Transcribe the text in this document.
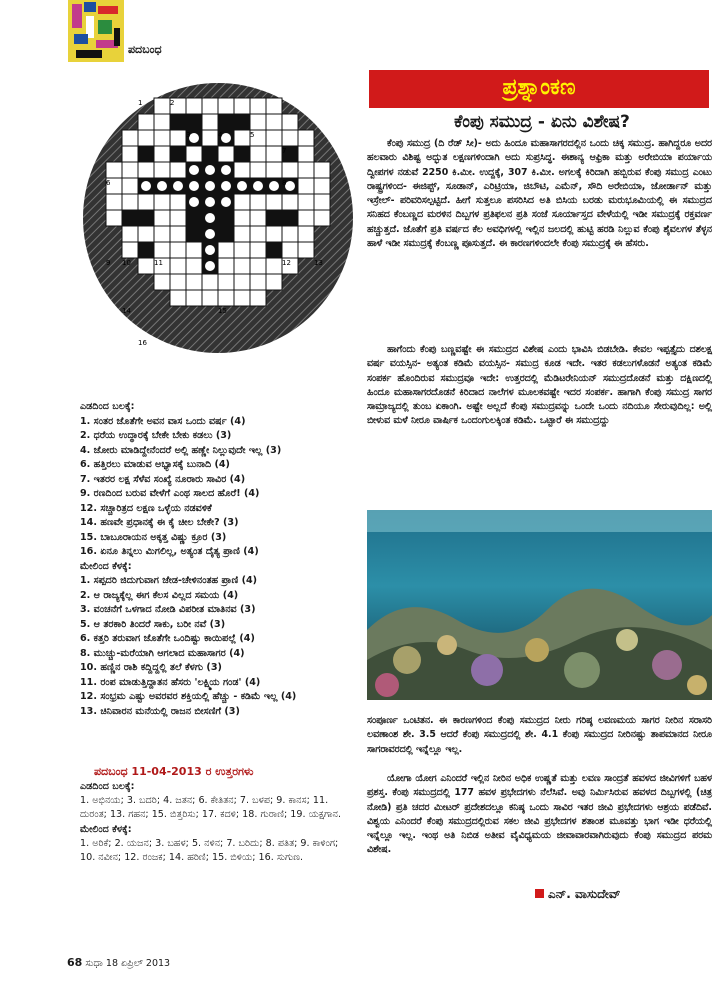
ಪದಬಂಧ
1	2
3	4	5
6
7
8
9 10	11	12	13
14	15
16
ಎಡದಿಂದ ಬಲಕ್ಕೆ:
1. ಸಂತರ ಜೊತೆಗೇ ಅವನ ವಾಸ ಒಂದು ವರ್ಷ (4)
2. ಧರೆಯ ಉದ್ಧಾರಕ್ಕೆ ಬೇಕೇ ಬೇಕು ಕಡಲು (3)
4. ಜೋರು ಮಾಡಿದ್ದೇನೆಂದರೆ ಅಲ್ಲಿ ಹಣ್ಣೇ ನಿಲ್ಲುವುದೇ ಇಲ್ಲ (3)
6. ಹತ್ತಿರಲು ಮಾಡುವ ಅಭ್ಯಾಸಕ್ಕೆ ಬುನಾದಿ (4)
7. ಇತರರ ಲಕ್ಷ ಸೆಳೆವ ಸಂಖ್ಯೆ ನೂರಾರು ಸಾವಿರ (4)
9. ರಣದಿಂದ ಬರುವ ವೇಳೆಗೆ ಎಂಥ ಸಾಲದ ಹೊರೆ! (4)
12. ಸಚ್ಚಾರಿತ್ರದ ಲಕ್ಷಣ ಒಳ್ಳೆಯ ನಡವಳಿಕೆ
14. ಹಣವೇ ಪ್ರಧಾನಕ್ಕೆ ಈ ಕೈ ಚೀಲ ಬೇಕೇ? (3)
15. ಬಾಬೂರಾಯನ ಅಕ್ಕತ್ತ ವಿಷ್ಣು ಕ್ರೂರ (3)
16. ಏನೂ ತಿನ್ನಲು ಮಿಗಲಿಲ್ಲ, ಅತ್ಯಂತ ದೈತ್ಯ ಪ್ರಾಣಿ (4)
ಮೇಲಿಂದ ಕೆಳಕ್ಕೆ:
1. ಸಪ್ಪದರಿ ಜಿದುಗುವಾಗ ಜೇಡ-ಚೇಳಿನಂತಹ ಪ್ರಾಣಿ (4)
2. ಆ ರಾಜ್ಯಕ್ಕೆಲ್ಲ ಈಗ ಕೆಲಸ ವಿಲ್ಲದ ಸಮಯ (4)
3. ವಂಚನೆಗೆ ಒಳಗಾದ ನೋಡಿ ವಿಪರೀತ ಮಾತಿನವ (3)
5. ಆ ತರಕಾರಿ ತಿಂದರೆ ಸಾಕು, ಬರೀ ನವೆ (3)
6. ಕತ್ತರಿ ತರುವಾಗ ಜೊತೆಗೇ ಒಂದಿಷ್ಟು ಕಾಯಿಪಲ್ಲೆ (4)
8. ಮುಚ್ಚು-ಮರೆಯಾಗಿ ಆಗಲಾದ ಮಹಾಸಾಗರ (4)
10. ಹಣ್ಣಿನ ರಾಶಿ ಕದ್ದಿದ್ದಲ್ಲಿ ತಲೆ ಕೆಳಗು (3)
11. ರಂಪ ಮಾಡುತ್ತಿದ್ದಾತನ ಹೆಸರು 'ಲಕ್ಷ್ಮಿಯ ಗಂಡ' (4)
12. ಸಂಭ್ರಮ ಎಷ್ಟು ಅವರವರ ಶಕ್ತಿಯಲ್ಲಿ ಹೆಚ್ಚು - ಕಡಿಮೆ ಇಲ್ಲ (4)
13. ಚಿನಿವಾರನ ಮನೆಯಲ್ಲಿ ರಾಜನ ಬೀಸಣಿಗೆ (3)
ಪದಬಂಧ 11-04-2013 ರ ಉತ್ತರಗಳು
ಎಡದಿಂದ ಬಲಕ್ಕೆ:
1. ಅಭಿನಯ; 3. ಬದರಿ; 4. ಜತನ; 6. ಕೇತಿತನ; 7. ಬಳಪ; 9. ಕಾನಸ; 11. ದುರಂತ; 13. ಗಹನ; 15. ಬಿತ್ತರಿಸು; 17. ಕದಳಿ; 18. ಗುರಾಣಿ; 19. ಯಕ್ಷಗಾನ.
ಮೇಲಿಂದ ಕೆಳಕ್ಕೆ:
1. ಅರಿಕೆ; 2. ಯಜನ; 3. ಬಹಳ; 5. ನಳಿನ; 7. ಬರಿದು; 8. ಪತಿತ; 9. ಕಾಳಿಂಗ; 10. ನವೀನ; 12. ರಂಜಕ; 14. ಹರಿಣಿ; 15. ಬಿಳಿಯ; 16. ಸುಗುಣ.
ಪ್ರಶ್ನಾಂಕಣ
ಕೆಂಪು ಸಮುದ್ರ - ಏನು ವಿಶೇಷ?
ಕೆಂಪು ಸಮುದ್ರ (ದಿ ರೆಡ್ ಸೀ)- ಅದು ಹಿಂದೂ ಮಹಾಸಾಗರದಲ್ಲಿನ ಒಂದು ಚಿಕ್ಕ ಸಮುದ್ರ. ಹಾಗಿದ್ದರೂ ಅದರ ಹಲವಾರು ವಿಶಿಷ್ಟ ಅದ್ಭುತ ಲಕ್ಷಣಗಳಿಂದಾಗಿ ಅದು ಸುಪ್ರಸಿದ್ಧ. ಈಶಾನ್ಯ ಆಫ್ರಿಕಾ ಮತ್ತು ಅರೇಬಿಯಾ ಪರ್ಯಾಯ ದ್ವೀಪಗಳ ನಡುವೆ 2250 ಕಿ.ಮೀ. ಉದ್ದಕ್ಕೆ, 307 ಕಿ.ಮೀ. ಅಗಲಕ್ಕೆ ಕಿರಿದಾಗಿ ಹಬ್ಬಿರುವ ಕೆಂಪು ಸಮುದ್ರ ಎಂಟು ರಾಷ್ಟ್ರಗಳಿಂದ- ಈಜಿಪ್ಟ್, ಸೂಡಾನ್, ಎರಿಟ್ರಿಯಾ, ಜಿಬೌಟಿ, ಎಮೆನ್, ಸೌದಿ ಅರೇಬಿಯಾ, ಜೋರ್ಡಾನ್ ಮತ್ತು ಇಸ್ರೇಲ್- ಪರಿವರಿಸಲ್ಪಟ್ಟಿದೆ. ಹೀಗೆ ಸುತ್ತಲೂ ಪಸರಿಸಿದ ಅತಿ ಬಿಸಿಯ ಬರಡು ಮರುಭೂಮಿಯಲ್ಲಿ ಈ ಸಮುದ್ರದ ಸನಿಹದ ಕೆಂಬಣ್ಣದ ಮರಳಿನ ದಿಬ್ಬಗಳ ಪ್ರತಿಫಲನ ಪ್ರತಿ ಸಂಜೆ ಸೂರ್ಯಾಸ್ತದ ವೇಳೆಯಲ್ಲಿ ಇಡೀ ಸಮುದ್ರಕ್ಕೆ ರಕ್ತವರ್ಣ ಹಚ್ಚುತ್ತದೆ. ಜೊತೆಗೆ ಪ್ರತಿ ವರ್ಷದ ಕೆಲ ಅವಧಿಗಳಲ್ಲಿ ಇಲ್ಲಿನ ಜಲದಲ್ಲಿ ಹುಟ್ಟಿ ಹರಡಿ ನಿಲ್ಲುವ ಕೆಂಪು ಶೈವಲಗಳ ತೆಳ್ಳನ ಹಾಳೆ ಇಡೀ ಸಮುದ್ರಕ್ಕೆ ಕೆಂಬಣ್ಣ ಪೂಸುತ್ತದೆ. ಈ ಕಾರಣಗಳಿಂದಲೇ ಕೆಂಪು ಸಮುದ್ರಕ್ಕೆ ಈ ಹೆಸರು.
ಹಾಗೆಂದು ಕೆಂಪು ಬಣ್ಣವಷ್ಟೇ ಈ ಸಮುದ್ರದ ವಿಶೇಷ ಎಂದು ಭಾವಿಸಿ ಬಿಡಬೇಡಿ. ಕೇವಲ ಇಪ್ಪತ್ತೈದು ದಶಲಕ್ಷ ವರ್ಷ ವಯಸ್ಸಿನ- ಅತ್ಯಂತ ಕಡಿಮೆ ವಯಸ್ಸಿನ- ಸಮುದ್ರ ಕೂಡ ಇದೇ. ಇತರ ಕಡಲುಗಳೊಡನೆ ಅತ್ಯಂತ ಕಡಿಮೆ ಸಂಪರ್ಕ ಹೊಂದಿರುವ ಸಮುದ್ರವೂ ಇದೇ: ಉತ್ತರದಲ್ಲಿ ಮೆಡಿಟರೇನಿಯನ್ ಸಮುದ್ರದೊಡನೆ ಮತ್ತು ದಕ್ಷಿಣದಲ್ಲಿ ಹಿಂದೂ ಮಹಾಸಾಗರದೊಡನೆ ಕಿರಿದಾದ ನಾಲೆಗಳ ಮೂಲಕವಷ್ಟೇ ಇದರ ಸಂಪರ್ಕ. ಹಾಗಾಗಿ ಕೆಂಪು ಸಮುದ್ರ ಸಾಗರ ಸಾಮ್ರಾಜ್ಯದಲ್ಲಿ ತುಂಬ ಏಕಾಂಗಿ. ಅಷ್ಟೇ ಅಲ್ಲದೆ ಕೆಂಪು ಸಮುದ್ರವನ್ನು ಒಂದೇ ಒಂದು ನದಿಯೂ ಸೇರುವುದಿಲ್ಲ: ಅಲ್ಲಿ ಬೀಳುವ ಮಳೆ ನೀರೂ ವಾರ್ಷಿಕ ಒಂದಂಗುಲಕ್ಕಿಂತ ಕಡಿಮೆ. ಒಟ್ಟಾರೆ ಈ ಸಮುದ್ರದ್ದು
ಸಂಪೂರ್ಣ ಒಂಟಿತನ. ಈ ಕಾರಣಗಳಿಂದ ಕೆಂಪು ಸಮುದ್ರದ ನೀರು ಗರಿಷ್ಠ ಲವಣಮಯ ಸಾಗರ ನೀರಿನ ಸರಾಸರಿ ಲವಣಾಂಶ ಶೇ. 3.5 ಆದರೆ ಕೆಂಪು ಸಮುದ್ರದಲ್ಲಿ ಶೇ. 4.1 ಕೆಂಪು ಸಮುದ್ರದ ನೀರಿನಷ್ಟು ತಾಪಮಾನದ ನೀರೂ ಸಾಗರಾವರದಲ್ಲಿ ಇನ್ನೆಲ್ಲೂ ಇಲ್ಲ.
ಯೋಗಾ ಯೋಗ ಎನಿಂದರೆ ಇಲ್ಲಿನ ನೀರಿನ ಅಧಿಕ ಉಷ್ಣತೆ ಮತ್ತು ಲವಣ ಸಾಂದ್ರತೆ ಹವಳದ ಜೀವಿಗಳಿಗೆ ಬಹಳ ಪ್ರಶಸ್ತ. ಕೆಂಪು ಸಮುದ್ರದಲ್ಲಿ 177 ಹವಳ ಪ್ರಭೇದಗಳು ನೆಲೆಸಿವೆ. ಅವು ನಿರ್ಮಿಸಿರುವ ಹವಳದ ದಿಬ್ಬಗಳಲ್ಲಿ (ಚಿತ್ರ ನೋಡಿ) ಪ್ರತಿ ಚದರ ಮೀಟರ್ ಪ್ರದೇಶದಲ್ಲೂ ಕನಿಷ್ಠ ಒಂದು ಸಾವಿರ ಇತರ ಜೀವಿ ಪ್ರಭೇದಗಳು ಆಶ್ರಯ ಪಡೆದಿವೆ. ವಿಶ್ವಯ ಎನಿಂದರೆ ಕೆಂಪು ಸಮುದ್ರದಲ್ಲಿರುವ ಸಕಲ ಜೀವಿ ಪ್ರಭೇದಗಳ ಶತಾಂಶ ಮೂವತ್ತು ಭಾಗ ಇಡೀ ಧರೆಯಲ್ಲಿ ಇನ್ನೆಲ್ಲೂ ಇಲ್ಲ. ಇಂಥ ಅತಿ ನಿಬಿಡ ಅತೀವ ವೈವಿಧ್ಯಮಯ ಜೀವಾವಾರವಾಗಿರುವುದು ಕೆಂಪು ಸಮುದ್ರದ ಪರಮ ವಿಶೇಷ.
ಎನ್. ವಾಸುದೇವ್
68 ಸುಧಾ 18 ಏಪ್ರಿಲ್ 2013
